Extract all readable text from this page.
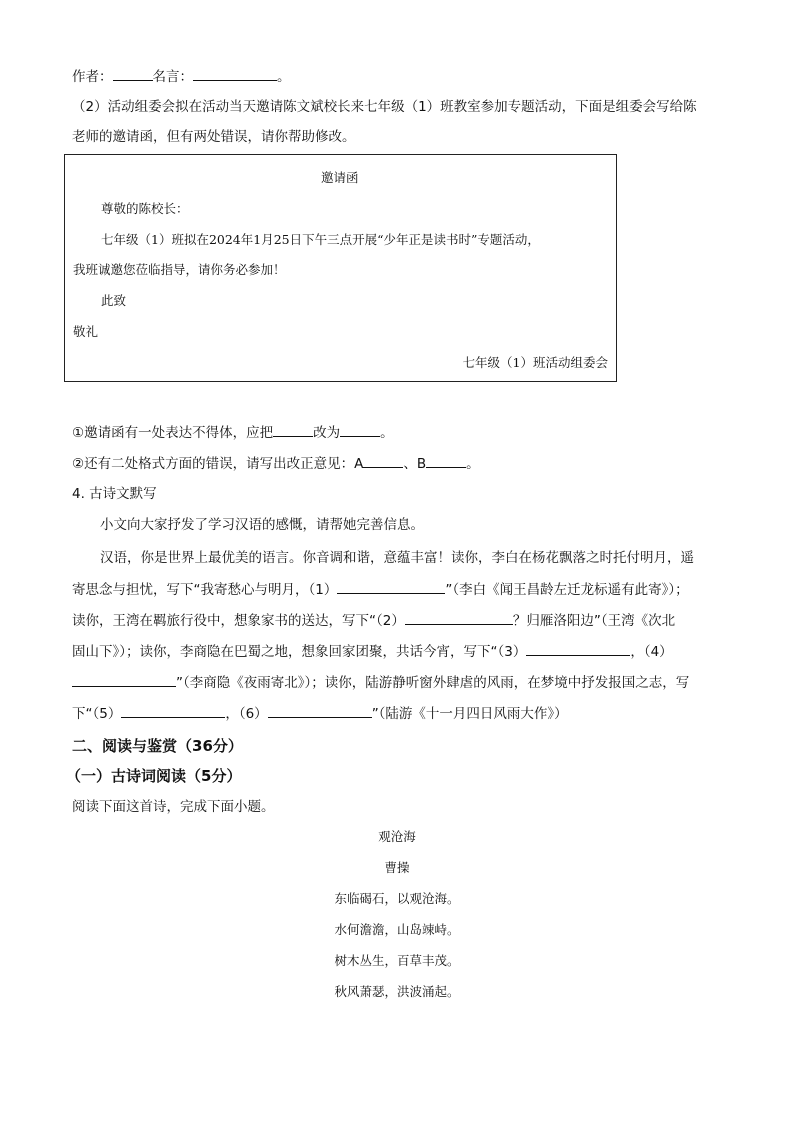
作者：	名言：	。
（2）活动组委会拟在活动当天邀请陈文斌校长来七年级（1）班教室参加专题活动，下面是组委会写给陈
老师的邀请函，但有两处错误，请你帮助修改。
邀请函
尊敬的陈校长：
七年级（1）班拟在2024年1月25日下午三点开展“少年正是读书时”专题活动，
我班诚邀您莅临指导，请你务必参加！
此致
敬礼
七年级（1）班活动组委会
①邀请函有一处表达不得体，应把	改为	。
②还有二处格式方面的错误，请写出改正意见：A	、B	。
4. 古诗文默写
小文向大家抒发了学习汉语的感慨，请帮她完善信息。
汉语，你是世界上最优美的语言。你音调和谐，意蕴丰富！读你，李白在杨花飘落之时托付明月，遥
寄思念与担忧，写下“我寄愁心与明月，（1）	”（李白《闻王昌龄左迁龙标遥有此寄》）；
读你，王湾在羁旅行役中，想象家书的送达，写下“（2）	？归雁洛阳边”（王湾《次北
固山下》）；读你，李商隐在巴蜀之地，想象回家团聚，共话今宵，写下“（3）	，（4）
”（李商隐《夜雨寄北》）；读你，陆游静听窗外肆虐的风雨，在梦境中抒发报国之志，写
下“（5）	，（6）	”（陆游《十一月四日风雨大作》）
二、阅读与鉴赏（36分）
（一）古诗词阅读（5分）
阅读下面这首诗，完成下面小题。
观沧海
曹操
东临碣石，以观沧海。
水何澹澹，山岛竦峙。
树木丛生，百草丰茂。
秋风萧瑟，洪波涌起。
